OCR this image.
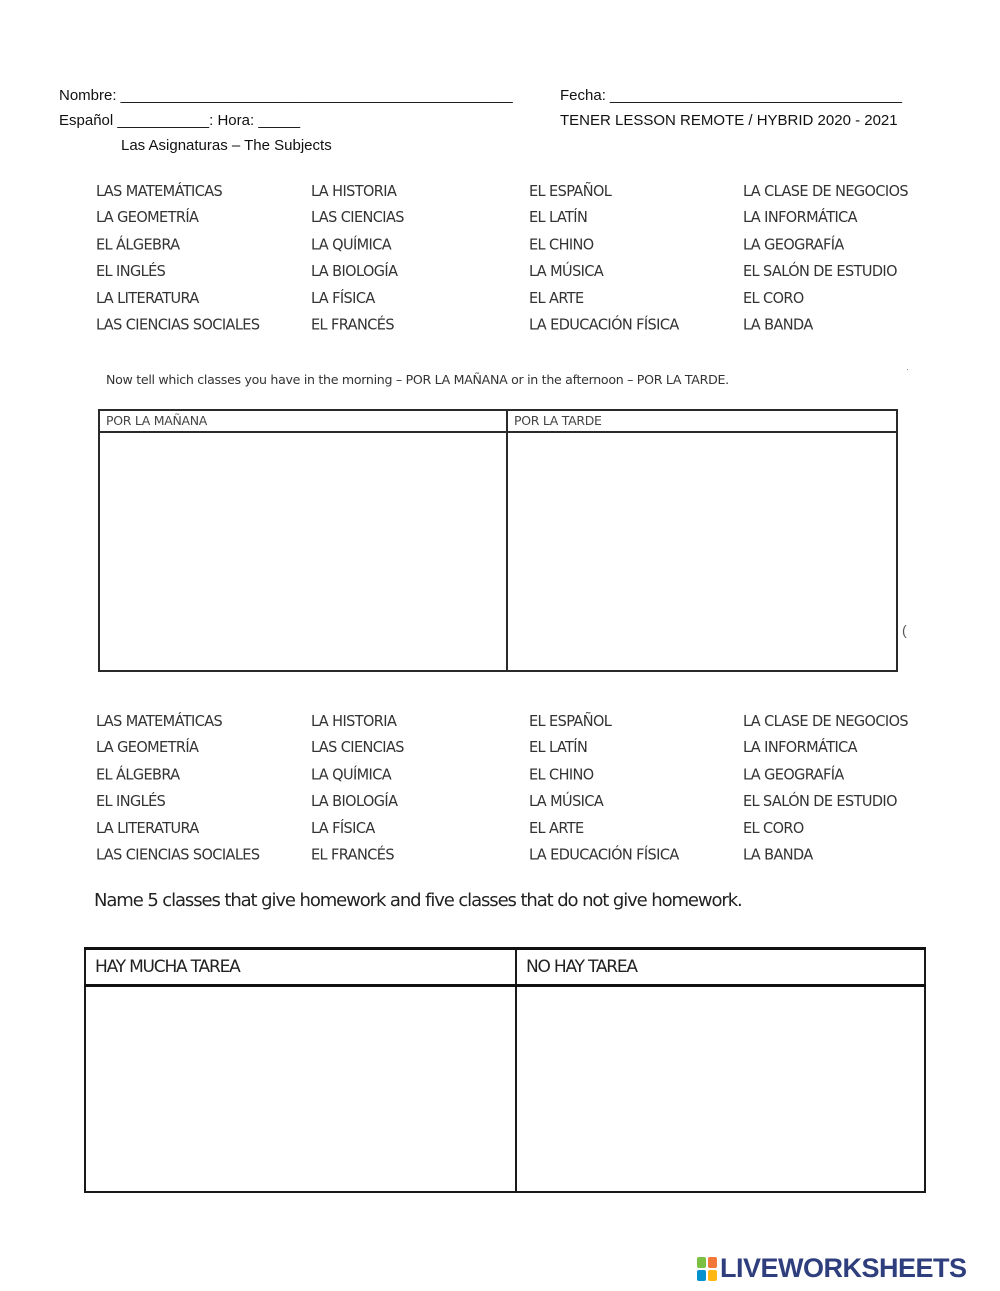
Nombre: _______________________________________________	Fecha: ___________________________________
Español ___________: Hora: _____	TENER LESSON REMOTE / HYBRID 2020 - 2021
Las Asignaturas – The Subjects
LAS MATEMÁTICAS	LA HISTORIA	EL ESPAÑOL	LA CLASE DE NEGOCIOS
LA GEOMETRÍA	LAS CIENCIAS	EL LATÍN	LA INFORMÁTICA
EL ÁLGEBRA	LA QUÍMICA	EL CHINO	LA GEOGRAFÍA
EL INGLÉS	LA BIOLOGÍA	LA MÚSICA	EL SALÓN DE ESTUDIO
LA LITERATURA	LA FÍSICA	EL ARTE	EL CORO
LAS CIENCIAS SOCIALES	EL FRANCÉS	LA EDUCACIÓN FÍSICA	LA BANDA
Now tell which classes you have in the morning – POR LA MAÑANA or in the afternoon – POR LA TARDE.
·
POR LA MAÑANA	POR LA TARDE

(
LAS MATEMÁTICAS	LA HISTORIA	EL ESPAÑOL	LA CLASE DE NEGOCIOS
LA GEOMETRÍA	LAS CIENCIAS	EL LATÍN	LA INFORMÁTICA
EL ÁLGEBRA	LA QUÍMICA	EL CHINO	LA GEOGRAFÍA
EL INGLÉS	LA BIOLOGÍA	LA MÚSICA	EL SALÓN DE ESTUDIO
LA LITERATURA	LA FÍSICA	EL ARTE	EL CORO
LAS CIENCIAS SOCIALES	EL FRANCÉS	LA EDUCACIÓN FÍSICA	LA BANDA
Name 5 classes that give homework and five classes that do not give homework.
HAY MUCHA TAREA	NO HAY TAREA

LIVEWORKSHEETS
